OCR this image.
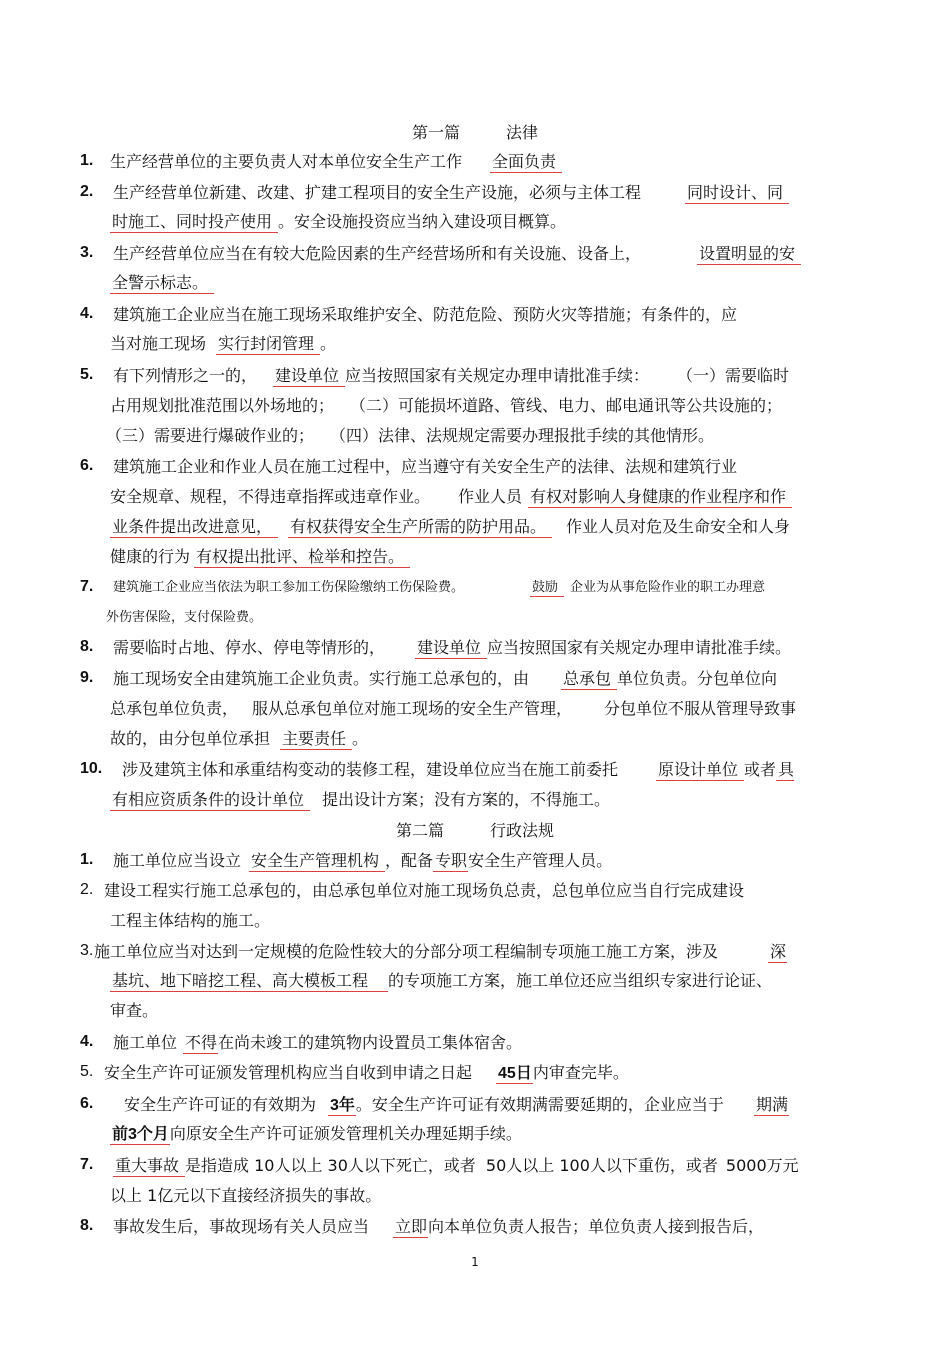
第一篇	法律
1. 生产经营单位的主要负责人对本单位安全生产工作 全面负责
2. 生产经营单位新建、改建、扩建工程项目的安全生产设施，必须与主体工程	同时设计、同
时施工、同时投产使用 。安全设施投资应当纳入建设项目概算。
3. 生产经营单位应当在有较大危险因素的生产经营场所和有关设施、设备上，	设置明显的安
全警示标志。
4. 建筑施工企业应当在施工现场采取维护安全、防范危险、预防火灾等措施；有条件的，应
当对施工现场 实行封闭管理 。
5. 有下列情形之一的， 建设单位 应当按照国家有关规定办理申请批准手续： （一）需要临时
占用规划批准范围以外场地的； （二）可能损坏道路、管线、电力、邮电通讯等公共设施的；
（三）需要进行爆破作业的； （四）法律、法规规定需要办理报批手续的其他情形。
6. 建筑施工企业和作业人员在施工过程中，应当遵守有关安全生产的法律、法规和建筑行业
安全规章、规程，不得违章指挥或违章作业。 作业人员 有权对影响人身健康的作业程序和作
业条件提出改进意见， 有权获得安全生产所需的防护用品。 作业人员对危及生命安全和人身
健康的行为 有权提出批评、检举和控告。
7. 建筑施工企业应当依法为职工参加工伤保险缴纳工伤保险费。	鼓励 企业为从事危险作业的职工办理意
外伤害保险，支付保险费。
8. 需要临时占地、停水、停电等情形的， 建设单位 应当按照国家有关规定办理申请批准手续。
9. 施工现场安全由建筑施工企业负责。实行施工总承包的，由 总承包 单位负责。分包单位向
总承包单位负责， 服从总承包单位对施工现场的安全生产管理， 分包单位不服从管理导致事
故的，由分包单位承担 主要责任 。
10. 涉及建筑主体和承重结构变动的装修工程，建设单位应当在施工前委托	原设计单位 或者 具
有相应资质条件的设计单位 提出设计方案；没有方案的，不得施工。
第二篇	行政法规
1. 施工单位应当设立 安全生产管理机构 ，配备 专职安全生产管理人员。
2. 建设工程实行施工总承包的，由总承包单位对施工现场负总责，总包单位应当自行完成建设
工程主体结构的施工。
3. 施工单位应当对达到一定规模的危险性较大的分部分项工程编制专项施工施工方案，涉及	深
基坑、地下暗挖工程、高大模板工程 的专项施工方案，施工单位还应当组织专家进行论证、
审查。
4. 施工单位 不得在尚未竣工的建筑物内设置员工集体宿舍。
5. 安全生产许可证颁发管理机构应当自收到申请之日起 45日内审查完毕。
6. 安全生产许可证的有效期为 3年。安全生产许可证有效期满需要延期的，企业应当于 期满
前3个月向原安全生产许可证颁发管理机关办理延期手续。
7. 重大事故 是指造成 10人以上 30人以下死亡，或者 50人以上 100人以下重伤，或者 5000万元
以上 1亿元以下直接经济损失的事故。
8. 事故发生后，事故现场有关人员应当 立即向本单位负责人报告；单位负责人接到报告后，
1
